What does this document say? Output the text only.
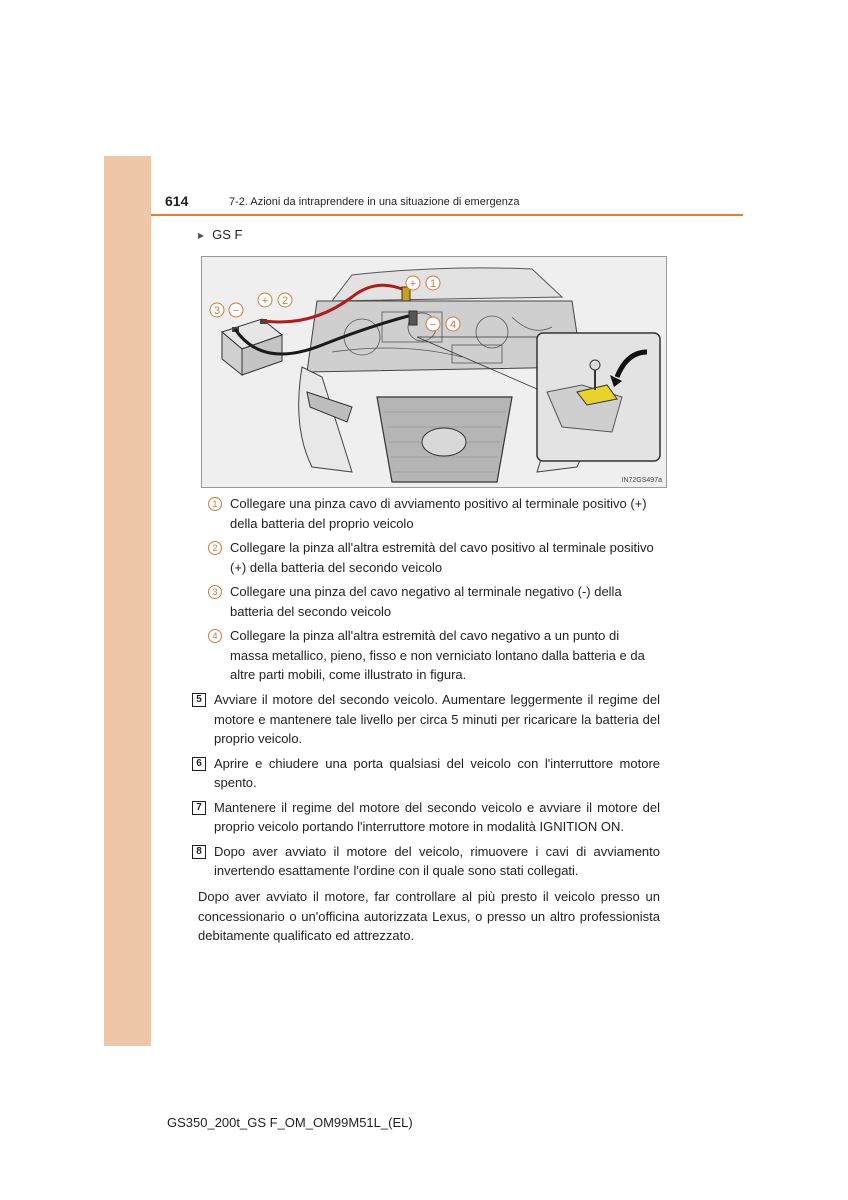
614	7-2. Azioni da intraprendere in una situazione di emergenza
▶ GS F
+ 1
+ 2
3 −
− 4
IN72GS497a
1 Collegare una pinza cavo di avviamento positivo al terminale positivo (+) della batteria del proprio veicolo
2 Collegare la pinza all'altra estremità del cavo positivo al terminale positivo (+) della batteria del secondo veicolo
3 Collegare una pinza del cavo negativo al terminale negativo (-) della batteria del secondo veicolo
4 Collegare la pinza all'altra estremità del cavo negativo a un punto di massa metallico, pieno, fisso e non verniciato lontano dalla batteria e da altre parti mobili, come illustrato in figura.
5 Avviare il motore del secondo veicolo. Aumentare leggermente il regime del motore e mantenere tale livello per circa 5 minuti per ricaricare la batteria del proprio veicolo.
6 Aprire e chiudere una porta qualsiasi del veicolo con l'interruttore motore spento.
7 Mantenere il regime del motore del secondo veicolo e avviare il motore del proprio veicolo portando l'interruttore motore in modalità IGNITION ON.
8 Dopo aver avviato il motore del veicolo, rimuovere i cavi di avviamento invertendo esattamente l'ordine con il quale sono stati collegati.
Dopo aver avviato il motore, far controllare al più presto il veicolo presso un concessionario o un'officina autorizzata Lexus, o presso un altro professionista debitamente qualificato ed attrezzato.
GS350_200t_GS F_OM_OM99M51L_(EL)
